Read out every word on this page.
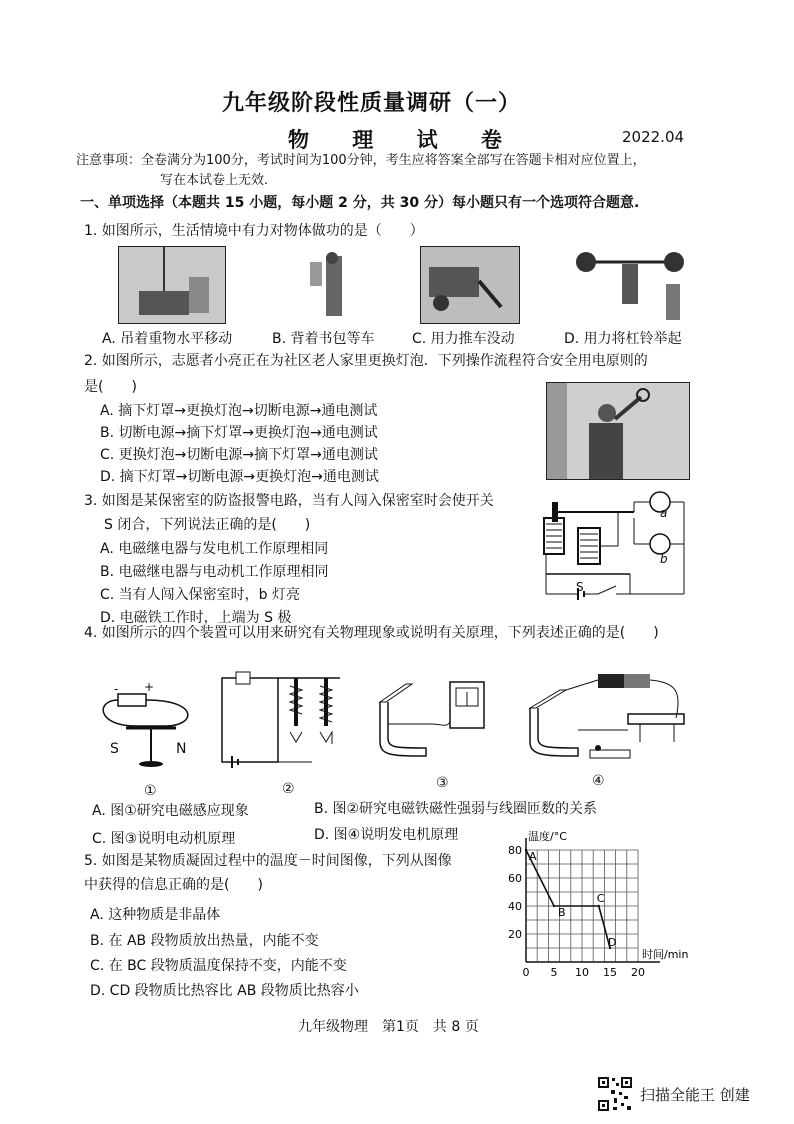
九年级阶段性质量调研（一）
物 理 试 卷	2022.04
注意事项：全卷满分为100分，考试时间为100分钟，考生应将答案全部写在答题卡相对应位置上，
写在本试卷上无效.
一、单项选择（本题共 15 小题，每小题 2 分，共 30 分）每小题只有一个选项符合题意.
1. 如图所示，生活情境中有力对物体做功的是（　　）
A. 吊着重物水平移动	B. 背着书包等车	C. 用力推车没动	D. 用力将杠铃举起
2. 如图所示，志愿者小亮正在为社区老人家里更换灯泡．下列操作流程符合安全用电原则的
是(　　)
A. 摘下灯罩→更换灯泡→切断电源→通电测试
B. 切断电源→摘下灯罩→更换灯泡→通电测试
C. 更换灯泡→切断电源→摘下灯罩→通电测试
D. 摘下灯罩→切断电源→更换灯泡→通电测试
3. 如图是某保密室的防盗报警电路，当有人闯入保密室时会使开关
S 闭合，下列说法正确的是(　　)
A. 电磁继电器与发电机工作原理相同
B. 电磁继电器与电动机工作原理相同
C. 当有人闯入保密室时，b 灯亮
D. 电磁铁工作时，上端为 S 极
a
b
S
4. 如图所示的四个装置可以用来研究有关物理现象或说明有关原理，下列表述正确的是(　　)
- +
S	N
①	②	③	④
A. 图①研究电磁感应现象	B. 图②研究电磁铁磁性强弱与线圈匝数的关系
C. 图③说明电动机原理	D. 图④说明发电机原理
5. 如图是某物质凝固过程中的温度－时间图像，下列从图像
中获得的信息正确的是(　　)
A. 这种物质是非晶体
B. 在 AB 段物质放出热量，内能不变
C. 在 BC 段物质温度保持不变，内能不变
D. CD 段物质比热容比 AB 段物质比热容小
温度/°C
时间/min
0 5 10 15 20
20
40
60
80 A
B
C
D
九年级物理　第1页　共 8 页
扫描全能王 创建
